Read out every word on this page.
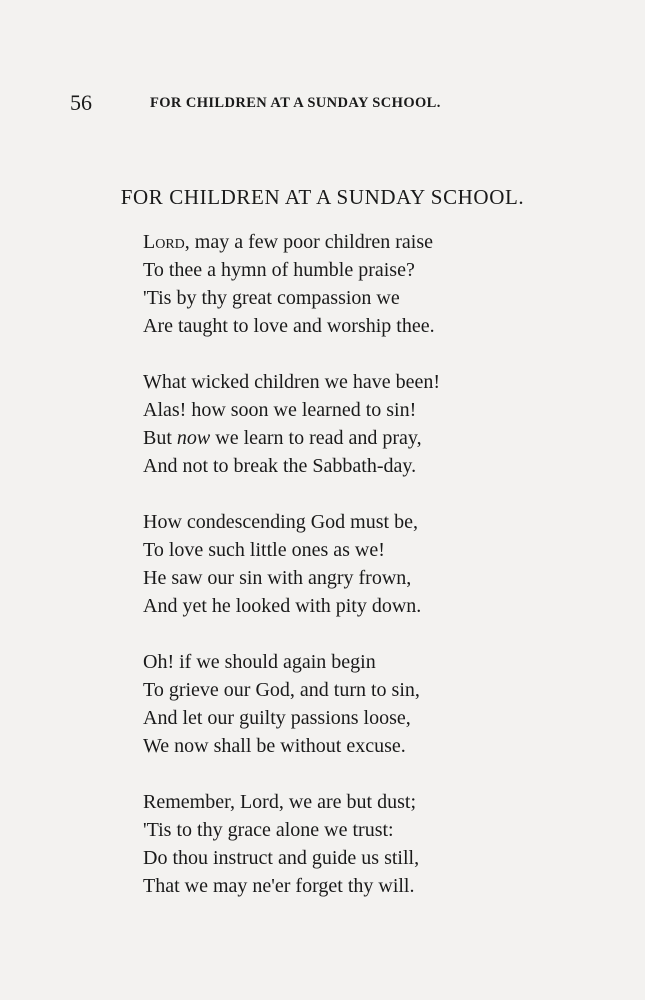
56	FOR CHILDREN AT A SUNDAY SCHOOL.
FOR CHILDREN AT A SUNDAY SCHOOL.
Lord, may a few poor children raise
To thee a hymn of humble praise?
'Tis by thy great compassion we
Are taught to love and worship thee.
What wicked children we have been!
Alas! how soon we learned to sin!
But now we learn to read and pray,
And not to break the Sabbath-day.
How condescending God must be,
To love such little ones as we!
He saw our sin with angry frown,
And yet he looked with pity down.
Oh! if we should again begin
To grieve our God, and turn to sin,
And let our guilty passions loose,
We now shall be without excuse.
Remember, Lord, we are but dust;
'Tis to thy grace alone we trust:
Do thou instruct and guide us still,
That we may ne'er forget thy will.
